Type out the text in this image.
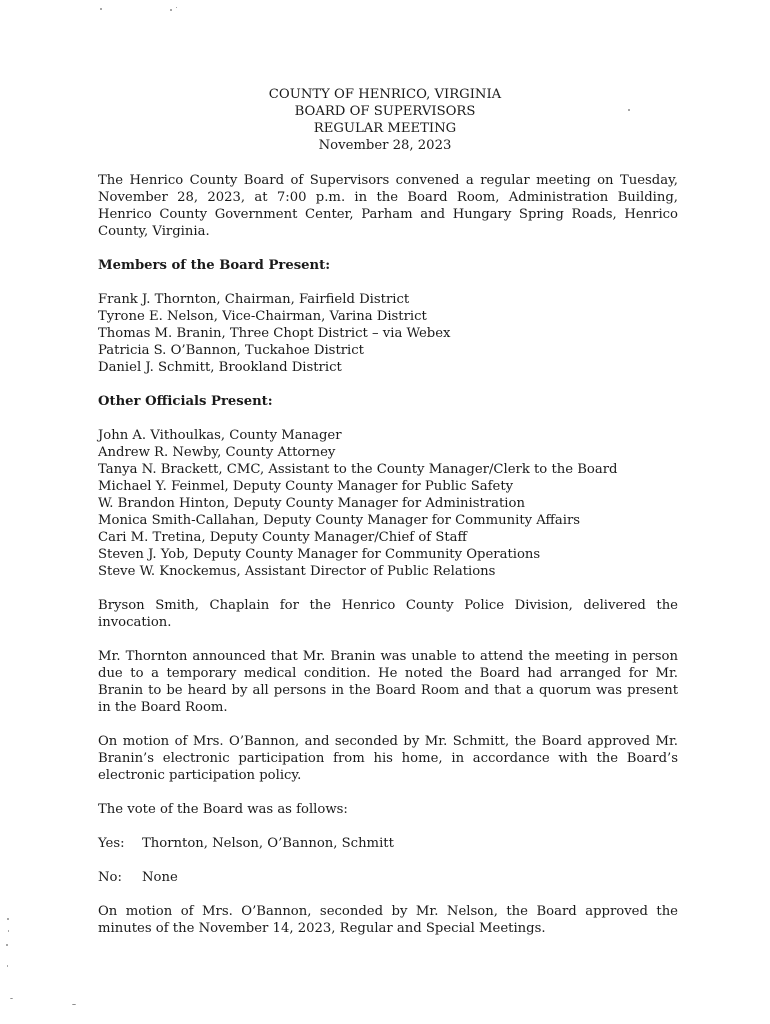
COUNTY OF HENRICO, VIRGINIA
BOARD OF SUPERVISORS
REGULAR MEETING
November 28, 2023

The Henrico County Board of Supervisors convened a regular meeting on Tuesday, November 28, 2023, at 7:00 p.m. in the Board Room, Administration Building, Henrico County Government Center, Parham and Hungary Spring Roads, Henrico County, Virginia.

Members of the Board Present:
Frank J. Thornton, Chairman, Fairfield District
Tyrone E. Nelson, Vice-Chairman, Varina District
Thomas M. Branin, Three Chopt District – via Webex
Patricia S. O’Bannon, Tuckahoe District
Daniel J. Schmitt, Brookland District
Other Officials Present:
John A. Vithoulkas, County Manager
Andrew R. Newby, County Attorney
Tanya N. Brackett, CMC, Assistant to the County Manager/Clerk to the Board
Michael Y. Feinmel, Deputy County Manager for Public Safety
W. Brandon Hinton, Deputy County Manager for Administration
Monica Smith-Callahan, Deputy County Manager for Community Affairs
Cari M. Tretina, Deputy County Manager/Chief of Staff
Steven J. Yob, Deputy County Manager for Community Operations
Steve W. Knockemus, Assistant Director of Public Relations

Bryson Smith, Chaplain for the Henrico County Police Division, delivered the invocation.

Mr. Thornton announced that Mr. Branin was unable to attend the meeting in person due to a temporary medical condition. He noted the Board had arranged for Mr. Branin to be heard by all persons in the Board Room and that a quorum was present in the Board Room.

On motion of Mrs. O’Bannon, and seconded by Mr. Schmitt, the Board approved Mr. Branin’s electronic participation from his home, in accordance with the Board’s electronic participation policy.

The vote of the Board was as follows:

Yes: Thornton, Nelson, O’Bannon, Schmitt
No: None

On motion of Mrs. O’Bannon, seconded by Mr. Nelson, the Board approved the minutes of the November 14, 2023, Regular and Special Meetings.
